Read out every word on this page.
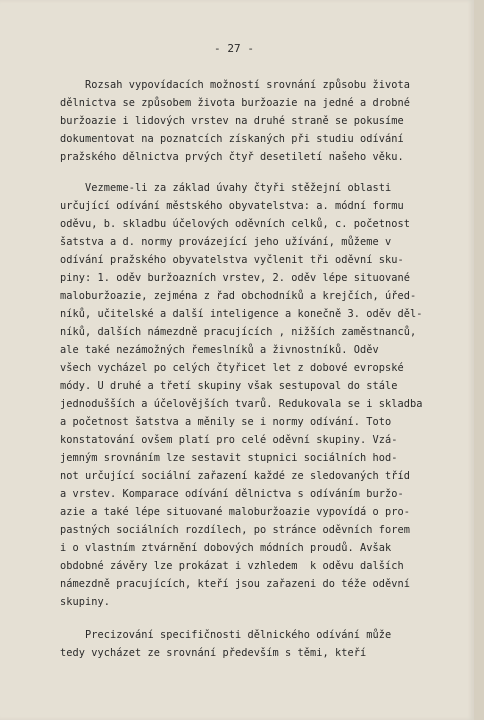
- 27 -

Rozsah vypovídacích možností srovnání způsobu života

dělnictva se způsobem života buržoazie na jedné a drobné

buržoazie i lidových vrstev na druhé straně se pokusíme

dokumentovat na poznatcích získaných při studiu odívání

pražského dělnictva prvých čtyř desetiletí našeho věku.

Vezmeme-li za základ úvahy čtyři stěžejní oblasti

určující odívání městského obyvatelstva: a. módní formu

oděvu, b. skladbu účelových oděvních celků, c. početnost

šatstva a d. normy provázející jeho užívání, můžeme v

odívání pražského obyvatelstva vyčlenit tři oděvní sku-

piny: 1. oděv buržoazních vrstev, 2. oděv lépe situované

maloburžoazie, zejména z řad obchodníků a krejčích, úřed-

níků, učitelské a další inteligence a konečně 3. oděv děl-

níků, dalších námezdně pracujících , nižších zaměstnanců,

ale také nezámožných řemeslníků a živnostníků. Oděv

všech vycházel po celých čtyřicet let z dobové evropské

módy. U druhé a třetí skupiny však sestupoval do stále

jednodušších a účelovějších tvarů. Redukovala se i skladba

a početnost šatstva a měnily se i normy odívání. Toto

konstatování ovšem platí pro celé oděvní skupiny. Vzá-

jemným srovnáním lze sestavit stupnici sociálních hod-

not určující sociální zařazení každé ze sledovaných tříd

a vrstev. Komparace odívání dělnictva s odíváním buržo-

azie a také lépe situované maloburžoazie vypovídá o pro-

pastných sociálních rozdílech, po stránce oděvních forem

i o vlastním ztvárnění dobových módních proudů. Avšak

obdobné závěry lze prokázat i vzhledem  k oděvu dalších

námezdně pracujících, kteří jsou zařazeni do téže oděvní

skupiny.

Precizování specifičnosti dělnického odívání může

tedy vycházet ze srovnání především s těmi, kteří
